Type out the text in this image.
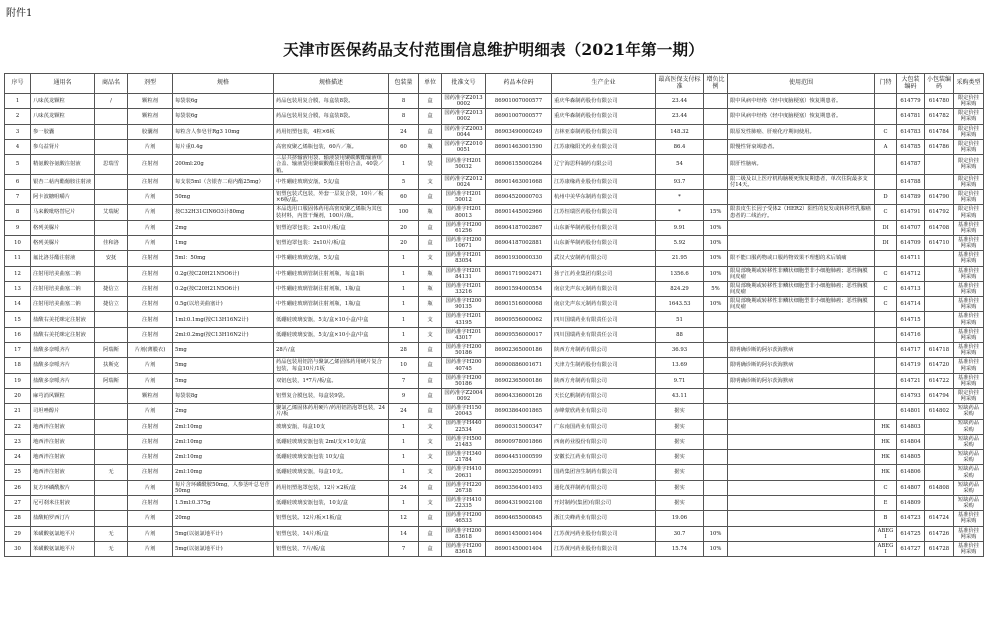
附件1
天津市医保药品支付范围信息维护明细表（2021年第一期）
序号	通用名	商品名	剂型	规格	规格描述	包装量	单位	批准文号	药品本位码	生产企业	最高医保支付标准	增负比例	使用范围	门特	大包装编码	小包装编码	采购类型
1	八味芪龙颗粒	/	颗粒剂	每袋装6g	药品包装用复合膜，每盒装8袋。	8	盒	国药准字Z20130002	86901007000577	重庆华森制药股份有限公司	23.44		限中风病中经络（轻中度脑梗塞）恢复期患者。		614779	614780	限定价挂网采购
2	八味芪龙颗粒		颗粒剂	每袋装6g	药品包装用复合膜，每盒装8袋。	8	盒	国药准字Z20130002	86901007000577	重庆华森制药股份有限公司	23.44		限中风病中经络（轻中度脑梗塞）恢复期患者。		614781	614782	限定价挂网采购
3	参一胶囊		胶囊剂	每粒含人参皂苷Rg3 10mg	药用铝塑包装，4粒×6板	24	盒	国药准字Z20030044	86903490000249	吉林亚泰制药股份有限公司	148.32		限原发性肺癌、肝癌化疗期间使用。	C	614783	614784	限定价挂网采购
4	参乌益肾片		片剂	每片重0.4g	高密度聚乙烯瓶包装，60片／瓶。	60	瓶	国药准字Z20100051	86901463001590	江苏康缘阳光药业有限公司	86.4		限慢性肾衰竭患者。	A	614785	614786	限定价挂网采购
5	精氨酸谷氨酸注射液	思瑞雪	注射剂	200ml:20g	三层共挤输液用袋、输液袋用聚碳酸酯输液组合盖、输液袋用聚碳酸酯注射组合盖，40袋／箱。	1	袋	国药准字H20150032	86906155000264	辽宁海思科制药有限公司	54		限肝性脑病。		614787		限定价挂网采购
6	银杏二萜内酯葡胺注射液		注射剂	每支装5ml（含银杏二萜内酯25mg）	中性硼硅玻璃安瓿，5支/盒	5	支	国药准字Z20120024	86901463001668	江苏康缘药业股份有限公司	93.7		限二级及以上医疗机构脑梗死恢复期患者，单次住院最多支付14天。		614788		限定价挂网采购
7	阿卡波糖咀嚼片		片剂	50mg	铝塑包装式包装，外套一层复合袋，10片／板×6板/盒。	60	盒	国药准字H20150012	86904520000703	杭州中美华东制药有限公司	*			D	614789	614790	限定价挂网采购
8	马来酸吡咯替尼片	艾瑞妮	片剂	按C32H31ClN6O3计80mg	本品选用口服固体药用高密度聚乙烯瓶为其包装材料，内置干燥剂，100片/瓶。	100	瓶	国药准字H20180013	86901445002966	江苏恒瑞医药股份有限公司	*	15%	限表皮生长因子受体2（HER2）阳性的复发或转移性乳腺癌患者的二线治疗。	C	614791	614792	限定价挂网采购
9	格列美脲片		片剂	2mg	铝塑泡罩包装；2x10片/板/盒	20	盒	国药准字H20061256	86904187002867	山东新华制药股份有限公司	9.91	10%		DI	614707	614708	基准价挂网采购
10	格列美脲片	佳和洛	片剂	1mg	铝塑泡罩包装：2x10片/板/盒	20	盒	国药准字H20010671	86904187002881	山东新华制药股份有限公司	5.92	10%		DI	614709	614710	基准价挂网采购
11	氟比洛芬酯注射液	安抚	注射剂	5ml：50mg	中性硼硅玻璃安瓿，5支/盒	1	支	国药准字H20183054	86901930000330	武汉大安制药有限公司	21.95	10%	限不能口服药物或口服药物效果不理想的术后镇痛		614711		基准价挂网采购
12	注射用培美曲塞二钠		注射剂	0.2g(按C20H21N5O6计)	中性硼硅玻璃管制注射剂瓶，每盒1瓶	1	瓶	国药准字H20184131	86901719002471	扬子江药业集团有限公司	1356.6	10%	限局部晚期或转移性非鳞状细胞型非小细胞肺癌；恶性胸膜间皮瘤	C	614712		基准价挂网采购
13	注射用培美曲塞二钠	捷信立	注射剂	0.2g(按C20H21N5O6计)	中性硼硅玻璃管制注射剂瓶，1瓶/盒	1	瓶	国药准字H20133216	86901594000554	南京先声东元制药有限公司	824.29	5%	限局部晚期或转移性非鳞状细胞型非小细胞肺癌；恶性胸膜间皮瘤	C	614713		基准价挂网采购
14	注射用培美曲塞二钠	捷信立	注射剂	0.5g(以培美曲塞计)	中性硼硅玻璃管制注射剂瓶，1瓶/盒	1	瓶	国药准字H20090135	86901516000068	南京先声东元制药有限公司	1643.53	10%	限局部晚期或转移性非鳞状细胞型非小细胞肺癌；恶性胸膜间皮瘤	C	614714		基准价挂网采购
15	盐酸右美托咪定注射液		注射剂	1ml:0.1mg(按C13H16N2计)	低硼硅玻璃安瓿，5支/盒×10小盒/中盒	1	支	国药准字H20143195	86909556000062	四川国瑞药业有限责任公司	51				614715		基准价挂网采购
16	盐酸右美托咪定注射液		注射剂	2ml:0.2mg(按C13H16N2计)	低硼硅玻璃安瓿，5支/盒×10小盒/中盒	1	支	国药准字H20143017	86909556000017	四川国瑞药业有限责任公司	88				614716		基准价挂网采购
17	盐酸多奈哌齐片	阿瑞斯	片剂(薄膜衣)	5mg	28片/盒	28	盒	国药准字H20050186	86902365000186	陕西方舟制药有限公司	36.93		限明确诊断的阿尔茨海默病		614717	614718	基准价挂网采购
18	盐酸多奈哌齐片	扶斯克	片剂	5mg	药品包装用铝箔与聚氯乙烯固体药用硬片复合包装，每盒10片/1板	10	盒	国药准字H20040745	86900886001671	天津力生制药股份有限公司	13.69		限明确诊断的阿尔茨海默病		614719	614720	基准价挂网采购
19	盐酸多奈哌齐片	阿瑞斯	片剂	5mg	双铝包装，1*7片/板/盒。	7	盒	国药准字H20050186	86902365000186	陕西方舟制药有限公司	9.71		限明确诊断的阿尔茨海默病		614721	614722	基准价挂网采购
20	麻芎消风颗粒		颗粒剂	每袋装8g	铝塑复合膜包装，每盒装9袋。	9	盒	国药准字Z20040092	86904336000126	天长亿帆制药有限公司	43.11				614793	614794	限定价挂网采购
21	司坦唑醇片		片剂	2mg	聚氯乙烯固体药用硬片/药用铝箔泡罩包装，24片/板	24	盒	国药准字H15020043	86903864001865	赤峰蒙欣药业有限公司	据实				614801	614802	短缺药品采购
22	地西泮注射液		注射剂	2ml:10mg	玻璃安瓿，每盒10支	1	支	国药准字H44022534	86900315000347	广东南国药业有限公司	据实			HK	614803		短缺药品采购
23	地西泮注射液		注射剂	2ml:10mg	低硼硅玻璃安瓿包装 2ml/支×10支/盒	1	支	国药准字H50021483	86900978001866	西南药业股份有限公司	据实			HK	614804		短缺药品采购
24	地西泮注射液		注射剂	2ml:10mg	低硼硅玻璃安瓿包装 10支/盒	1	支	国药准字H34021784	86904451000599	安徽长江药业有限公司	据实			HK	614805		短缺药品采购
25	地西泮注射液	无	注射剂	2ml:10mg	低硼硅玻璃安瓿，每盒10支。	1	支	国药准字H41020631	86903205000991	国药集团容生制药有限公司	据实			HK	614806		短缺药品采购
26	复方环磷酰胺片		片剂	每片含环磷酰胺50mg，人参茎叶总皂苷50mg	药用铝塑泡罩包装，12片×2板/盒	24	盒	国药准字H22026738	86903564001493	通化茂祥制药有限公司	据实			C	614807	614808	短缺药品采购
27	尼可刹米注射液		注射剂	1.5ml:0.375g	低硼硅玻璃安瓿包装，10支/盒	1	支	国药准字H41022335	86904319002108	开封制药(集团)有限公司	据实			E	614809		短缺药品采购
28	盐酸帕罗西汀片		片剂	20mg	铝塑包装。12片/板×1板/盒	12	盒	国药准字H20046533	86904655000845	浙江尖峰药业有限公司	19.06			B	614723	614724	基准价挂网采购
29	苯磺酸氨氯地平片	无	片剂	5mg(以氨氯地平计)	铝塑包装，14片/板/盒	14	盒	国药准字H20083618	86901450001404	江苏黄河药业股份有限公司	30.7	10%		ABEGI	614725	614726	基准价挂网采购
30	苯磺酸氨氯地平片	无	片剂	5mg(以氨氯地平计)	铝塑包装，7片/板/盒	7	盒	国药准字H20083618	86901450001404	江苏黄河药业股份有限公司	15.74	10%		ABEGI	614727	614728	基准价挂网采购
